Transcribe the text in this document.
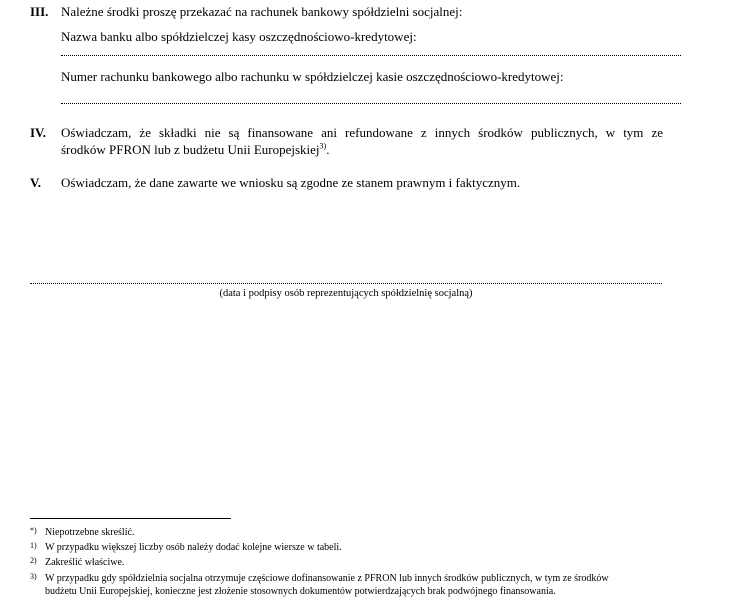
III. Należne środki proszę przekazać na rachunek bankowy spółdzielni socjalnej:
Nazwa banku albo spółdzielczej kasy oszczędnościowo-kredytowej:
Numer rachunku bankowego albo rachunku w spółdzielczej kasie oszczędnościowo-kredytowej:
IV. Oświadczam, że składki nie są finansowane ani refundowane z innych środków publicznych, w tym ze
środków PFRON lub z budżetu Unii Europejskiej$^{3)}$.
V. Oświadczam, że dane zawarte we wniosku są zgodne ze stanem prawnym i faktycznym.
(data i podpisy osób reprezentujących spółdzielnię socjalną)
*) Niepotrzebne skreślić.
1) W przypadku większej liczby osób należy dodać kolejne wiersze w tabeli.
2) Zakreślić właściwe.
3) W przypadku gdy spółdzielnia socjalna otrzymuje częściowe dofinansowanie z PFRON lub innych środków publicznych, w tym ze środków
budżetu Unii Europejskiej, konieczne jest złożenie stosownych dokumentów potwierdzających brak podwójnego finansowania.
